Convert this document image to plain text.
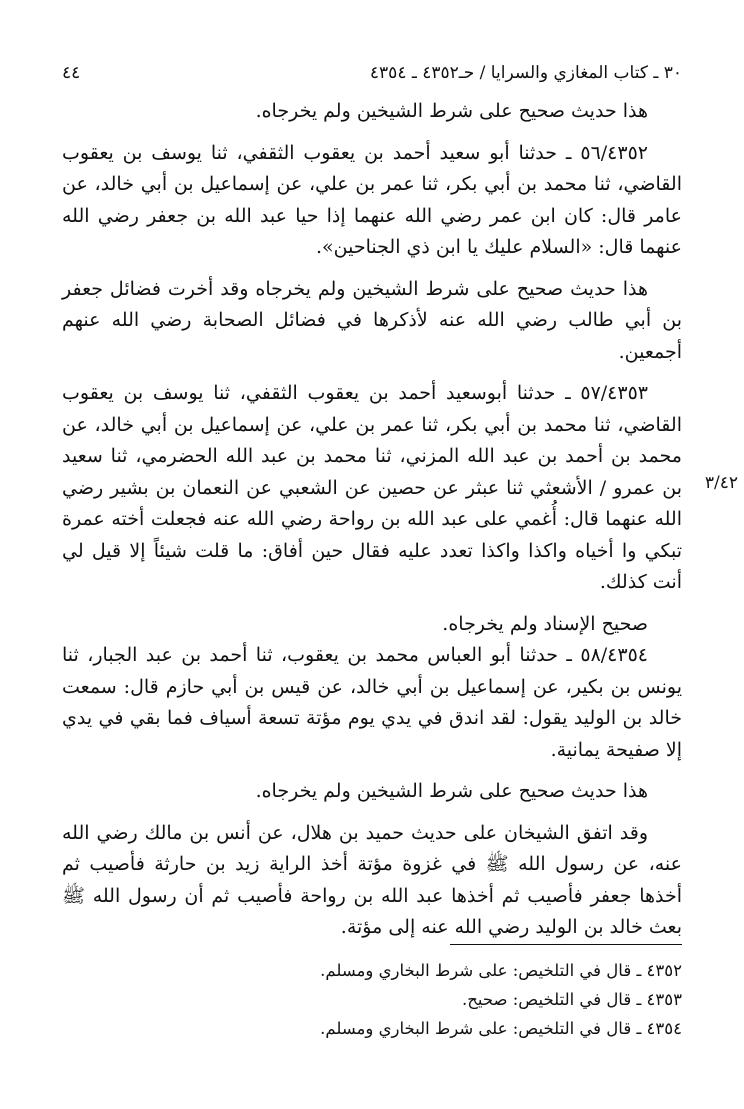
٤٤	٣٠ ـ كتاب المغازي والسرايا / حـ٤٣٥٢ ـ ٤٣٥٤

هذا حديث صحيح على شرط الشيخين ولم يخرجاه.

٥٦/٤٣٥٢ ـ حدثنا أبو سعيد أحمد بن يعقوب الثقفي، ثنا يوسف بن يعقوب القاضي، ثنا محمد بن أبي بكر، ثنا عمر بن علي، عن إسماعيل بن أبي خالد، عن عامر قال: كان ابن عمر رضي الله عنهما إذا حيا عبد الله بن جعفر رضي الله عنهما قال: «السلام عليك يا ابن ذي الجناحين».

هذا حديث صحيح على شرط الشيخين ولم يخرجاه وقد أخرت فضائل جعفر بن أبي طالب رضي الله عنه لأذكرها في فضائل الصحابة رضي الله عنهم أجمعين.

٥٧/٤٣٥٣ ـ حدثنا أبوسعيد أحمد بن يعقوب الثقفي، ثنا يوسف بن يعقوب القاضي، ثنا محمد بن أبي بكر، ثنا عمر بن علي، عن إسماعيل بن أبي خالد، عن محمد بن أحمد بن عبد الله المزني، ثنا محمد بن عبد الله الحضرمي، ثنا سعيد بن عمرو / الأشعثي ثنا عبثر عن حصين عن الشعبي عن النعمان بن بشير رضي الله عنهما قال: أُغمي على عبد الله بن رواحة رضي الله عنه فجعلت أخته عمرة تبكي وا أخياه واكذا واكذا تعدد عليه فقال حين أفاق: ما قلت شيئاً إلا قيل لي أنت كذلك.

صحيح الإسناد ولم يخرجاه.

٥٨/٤٣٥٤ ـ حدثنا أبو العباس محمد بن يعقوب، ثنا أحمد بن عبد الجبار، ثنا يونس بن بكير، عن إسماعيل بن أبي خالد، عن قيس بن أبي حازم قال: سمعت خالد بن الوليد يقول: لقد اندق في يدي يوم مؤتة تسعة أسياف فما بقي في يدي إلا صفيحة يمانية.

هذا حديث صحيح على شرط الشيخين ولم يخرجاه.

وقد اتفق الشيخان على حديث حميد بن هلال، عن أنس بن مالك رضي الله عنه، عن رسول الله ﷺ في غزوة مؤتة أخذ الراية زيد بن حارثة فأصيب ثم أخذها جعفر فأصيب ثم أخذها عبد الله بن رواحة فأصيب ثم أن رسول الله ﷺ بعث خالد بن الوليد رضي الله عنه إلى مؤتة.

٣/٤٢

٤٣٥٢ ـ قال في التلخيص: على شرط البخاري ومسلم.

٤٣٥٣ ـ قال في التلخيص: صحيح.

٤٣٥٤ ـ قال في التلخيص: على شرط البخاري ومسلم.
